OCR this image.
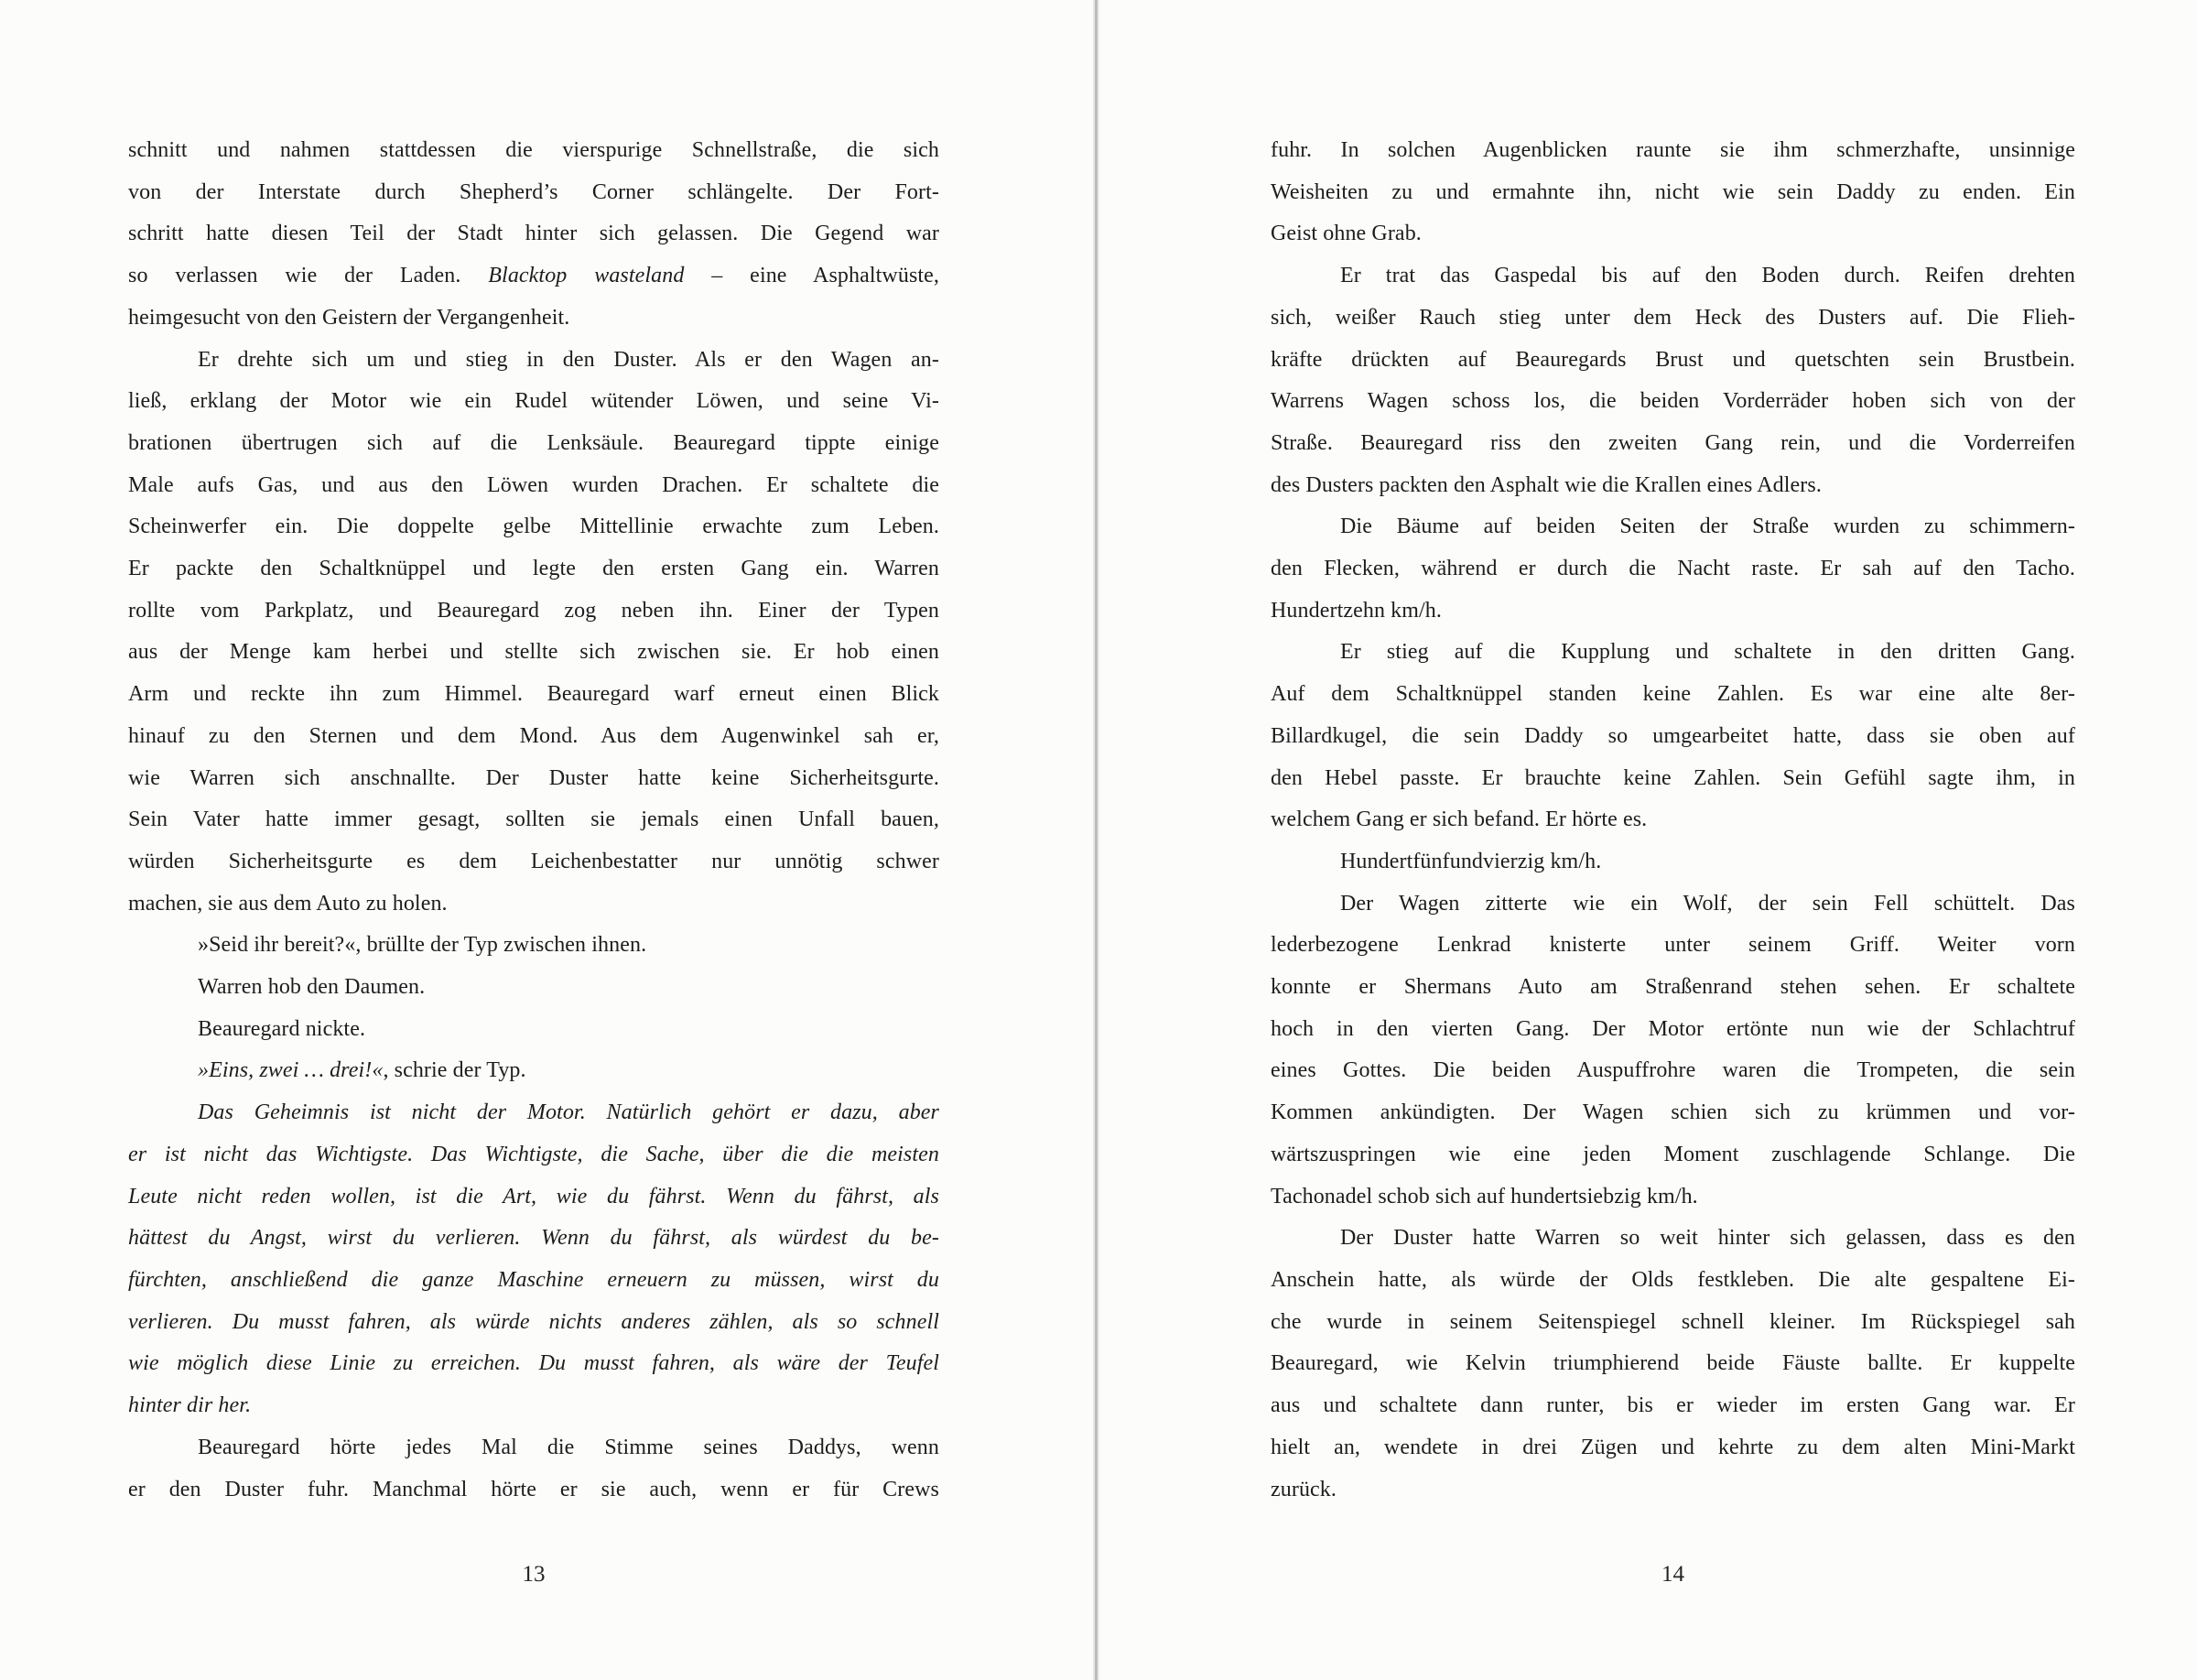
schnitt und nahmen stattdessen die vierspurige Schnellstraße, die sich
von der Interstate durch Shepherd’s Corner schlängelte. Der Fort-
schritt hatte diesen Teil der Stadt hinter sich gelassen. Die Gegend war
so verlassen wie der Laden. Blacktop wasteland – eine Asphaltwüste,
heimgesucht von den Geistern der Vergangenheit.
Er drehte sich um und stieg in den Duster. Als er den Wagen an-
ließ, erklang der Motor wie ein Rudel wütender Löwen, und seine Vi-
brationen übertrugen sich auf die Lenksäule. Beauregard tippte einige
Male aufs Gas, und aus den Löwen wurden Drachen. Er schaltete die
Scheinwerfer ein. Die doppelte gelbe Mittellinie erwachte zum Leben.
Er packte den Schaltknüppel und legte den ersten Gang ein. Warren
rollte vom Parkplatz, und Beauregard zog neben ihn. Einer der Typen
aus der Menge kam herbei und stellte sich zwischen sie. Er hob einen
Arm und reckte ihn zum Himmel. Beauregard warf erneut einen Blick
hinauf zu den Sternen und dem Mond. Aus dem Augenwinkel sah er,
wie Warren sich anschnallte. Der Duster hatte keine Sicherheitsgurte.
Sein Vater hatte immer gesagt, sollten sie jemals einen Unfall bauen,
würden Sicherheitsgurte es dem Leichenbestatter nur unnötig schwer
machen, sie aus dem Auto zu holen.
»Seid ihr bereit?«, brüllte der Typ zwischen ihnen.
Warren hob den Daumen.
Beauregard nickte.
»Eins, zwei … drei!«, schrie der Typ.
Das Geheimnis ist nicht der Motor. Natürlich gehört er dazu, aber
er ist nicht das Wichtigste. Das Wichtigste, die Sache, über die die meisten
Leute nicht reden wollen, ist die Art, wie du fährst. Wenn du fährst, als
hättest du Angst, wirst du verlieren. Wenn du fährst, als würdest du be-
fürchten, anschließend die ganze Maschine erneuern zu müssen, wirst du
verlieren. Du musst fahren, als würde nichts anderes zählen, als so schnell
wie möglich diese Linie zu erreichen. Du musst fahren, als wäre der Teufel
hinter dir her.
Beauregard hörte jedes Mal die Stimme seines Daddys, wenn
er den Duster fuhr. Manchmal hörte er sie auch, wenn er für Crews
fuhr. In solchen Augenblicken raunte sie ihm schmerzhafte, unsinnige
Weisheiten zu und ermahnte ihn, nicht wie sein Daddy zu enden. Ein
Geist ohne Grab.
Er trat das Gaspedal bis auf den Boden durch. Reifen drehten
sich, weißer Rauch stieg unter dem Heck des Dusters auf. Die Flieh-
kräfte drückten auf Beauregards Brust und quetschten sein Brustbein.
Warrens Wagen schoss los, die beiden Vorderräder hoben sich von der
Straße. Beauregard riss den zweiten Gang rein, und die Vorderreifen
des Dusters packten den Asphalt wie die Krallen eines Adlers.
Die Bäume auf beiden Seiten der Straße wurden zu schimmern-
den Flecken, während er durch die Nacht raste. Er sah auf den Tacho.
Hundertzehn km/h.
Er stieg auf die Kupplung und schaltete in den dritten Gang.
Auf dem Schaltknüppel standen keine Zahlen. Es war eine alte 8er-
Billardkugel, die sein Daddy so umgearbeitet hatte, dass sie oben auf
den Hebel passte. Er brauchte keine Zahlen. Sein Gefühl sagte ihm, in
welchem Gang er sich befand. Er hörte es.
Hundertfünfundvierzig km/h.
Der Wagen zitterte wie ein Wolf, der sein Fell schüttelt. Das
lederbezogene Lenkrad knisterte unter seinem Griff. Weiter vorn
konnte er Shermans Auto am Straßenrand stehen sehen. Er schaltete
hoch in den vierten Gang. Der Motor ertönte nun wie der Schlachtruf
eines Gottes. Die beiden Auspuffrohre waren die Trompeten, die sein
Kommen ankündigten. Der Wagen schien sich zu krümmen und vor-
wärtszuspringen wie eine jeden Moment zuschlagende Schlange. Die
Tachonadel schob sich auf hundertsiebzig km/h.
Der Duster hatte Warren so weit hinter sich gelassen, dass es den
Anschein hatte, als würde der Olds festkleben. Die alte gespaltene Ei-
che wurde in seinem Seitenspiegel schnell kleiner. Im Rückspiegel sah
Beauregard, wie Kelvin triumphierend beide Fäuste ballte. Er kuppelte
aus und schaltete dann runter, bis er wieder im ersten Gang war. Er
hielt an, wendete in drei Zügen und kehrte zu dem alten Mini-Markt
zurück.
13	14
